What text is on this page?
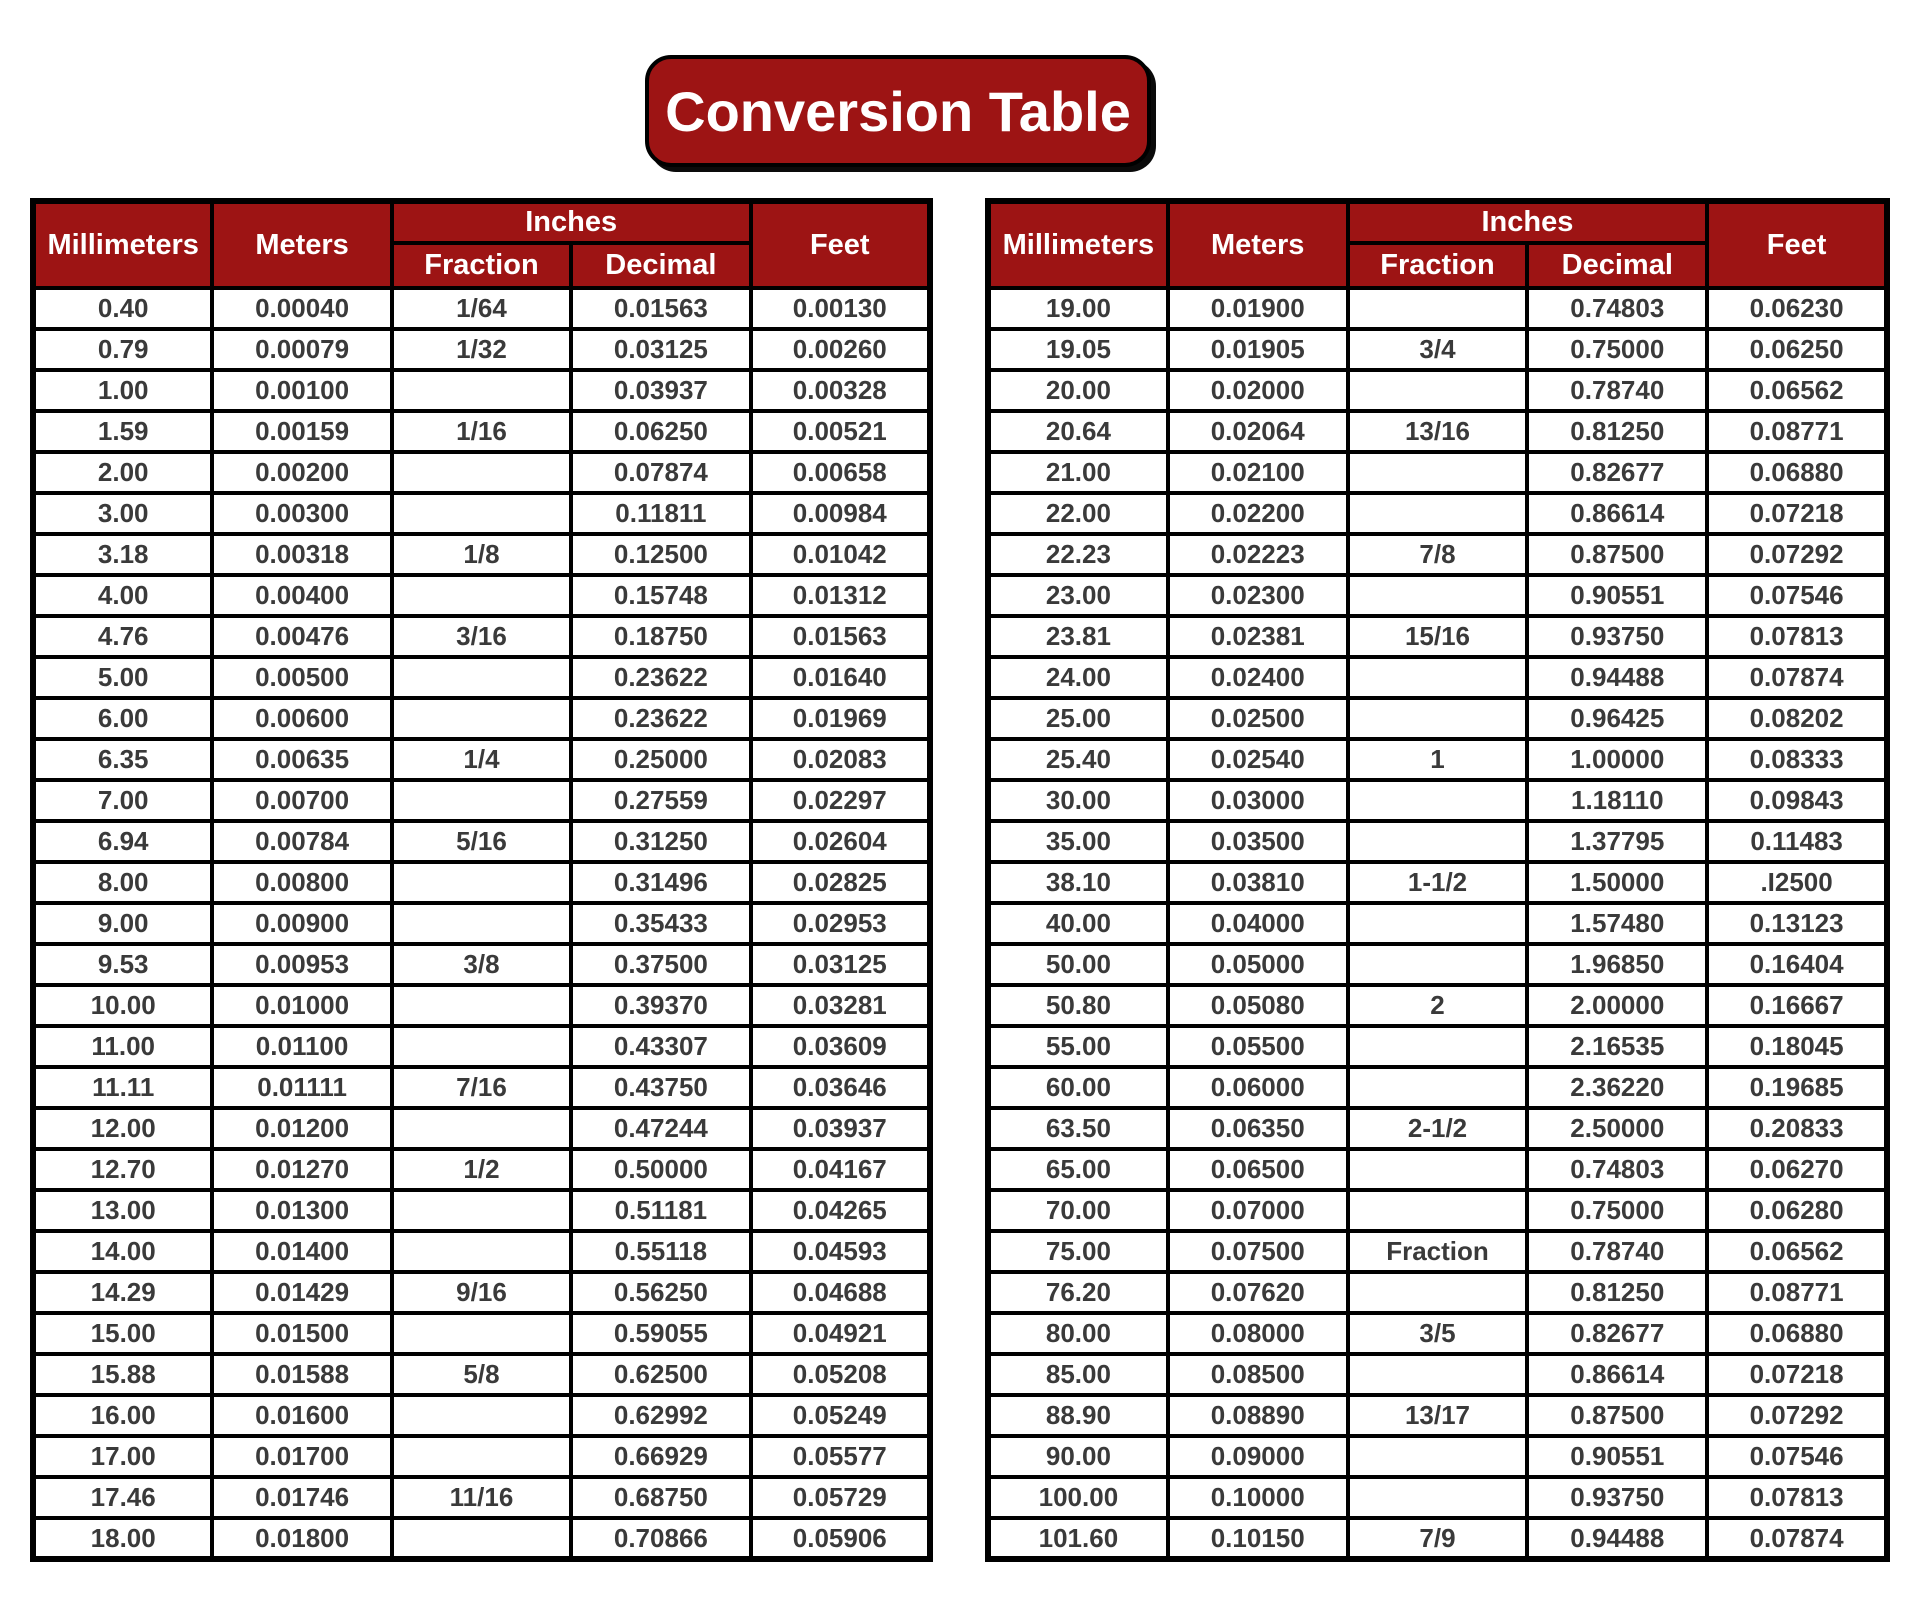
Conversion Table
Millimeters	Meters	Inches		Feet
		Fraction	Decimal	
0.40	0.00040	1/64	0.01563	0.00130
0.79	0.00079	1/32	0.03125	0.00260
1.00	0.00100		0.03937	0.00328
1.59	0.00159	1/16	0.06250	0.00521
2.00	0.00200		0.07874	0.00658
3.00	0.00300		0.11811	0.00984
3.18	0.00318	1/8	0.12500	0.01042
4.00	0.00400		0.15748	0.01312
4.76	0.00476	3/16	0.18750	0.01563
5.00	0.00500		0.23622	0.01640
6.00	0.00600		0.23622	0.01969
6.35	0.00635	1/4	0.25000	0.02083
7.00	0.00700		0.27559	0.02297
6.94	0.00784	5/16	0.31250	0.02604
8.00	0.00800		0.31496	0.02825
9.00	0.00900		0.35433	0.02953
9.53	0.00953	3/8	0.37500	0.03125
10.00	0.01000		0.39370	0.03281
11.00	0.01100		0.43307	0.03609
11.11	0.01111	7/16	0.43750	0.03646
12.00	0.01200		0.47244	0.03937
12.70	0.01270	1/2	0.50000	0.04167
13.00	0.01300		0.51181	0.04265
14.00	0.01400		0.55118	0.04593
14.29	0.01429	9/16	0.56250	0.04688
15.00	0.01500		0.59055	0.04921
15.88	0.01588	5/8	0.62500	0.05208
16.00	0.01600		0.62992	0.05249
17.00	0.01700		0.66929	0.05577
17.46	0.01746	11/16	0.68750	0.05729
18.00	0.01800		0.70866	0.05906
Millimeters	Meters	Inches		Feet
		Fraction	Decimal	
19.00	0.01900		0.74803	0.06230
19.05	0.01905	3/4	0.75000	0.06250
20.00	0.02000		0.78740	0.06562
20.64	0.02064	13/16	0.81250	0.08771
21.00	0.02100		0.82677	0.06880
22.00	0.02200		0.86614	0.07218
22.23	0.02223	7/8	0.87500	0.07292
23.00	0.02300		0.90551	0.07546
23.81	0.02381	15/16	0.93750	0.07813
24.00	0.02400		0.94488	0.07874
25.00	0.02500		0.96425	0.08202
25.40	0.02540	1	1.00000	0.08333
30.00	0.03000		1.18110	0.09843
35.00	0.03500		1.37795	0.11483
38.10	0.03810	1-1/2	1.50000	.I2500
40.00	0.04000		1.57480	0.13123
50.00	0.05000		1.96850	0.16404
50.80	0.05080	2	2.00000	0.16667
55.00	0.05500		2.16535	0.18045
60.00	0.06000		2.36220	0.19685
63.50	0.06350	2-1/2	2.50000	0.20833
65.00	0.06500		0.74803	0.06270
70.00	0.07000		0.75000	0.06280
75.00	0.07500	Fraction	0.78740	0.06562
76.20	0.07620		0.81250	0.08771
80.00	0.08000	3/5	0.82677	0.06880
85.00	0.08500		0.86614	0.07218
88.90	0.08890	13/17	0.87500	0.07292
90.00	0.09000		0.90551	0.07546
100.00	0.10000		0.93750	0.07813
101.60	0.10150	7/9	0.94488	0.07874
